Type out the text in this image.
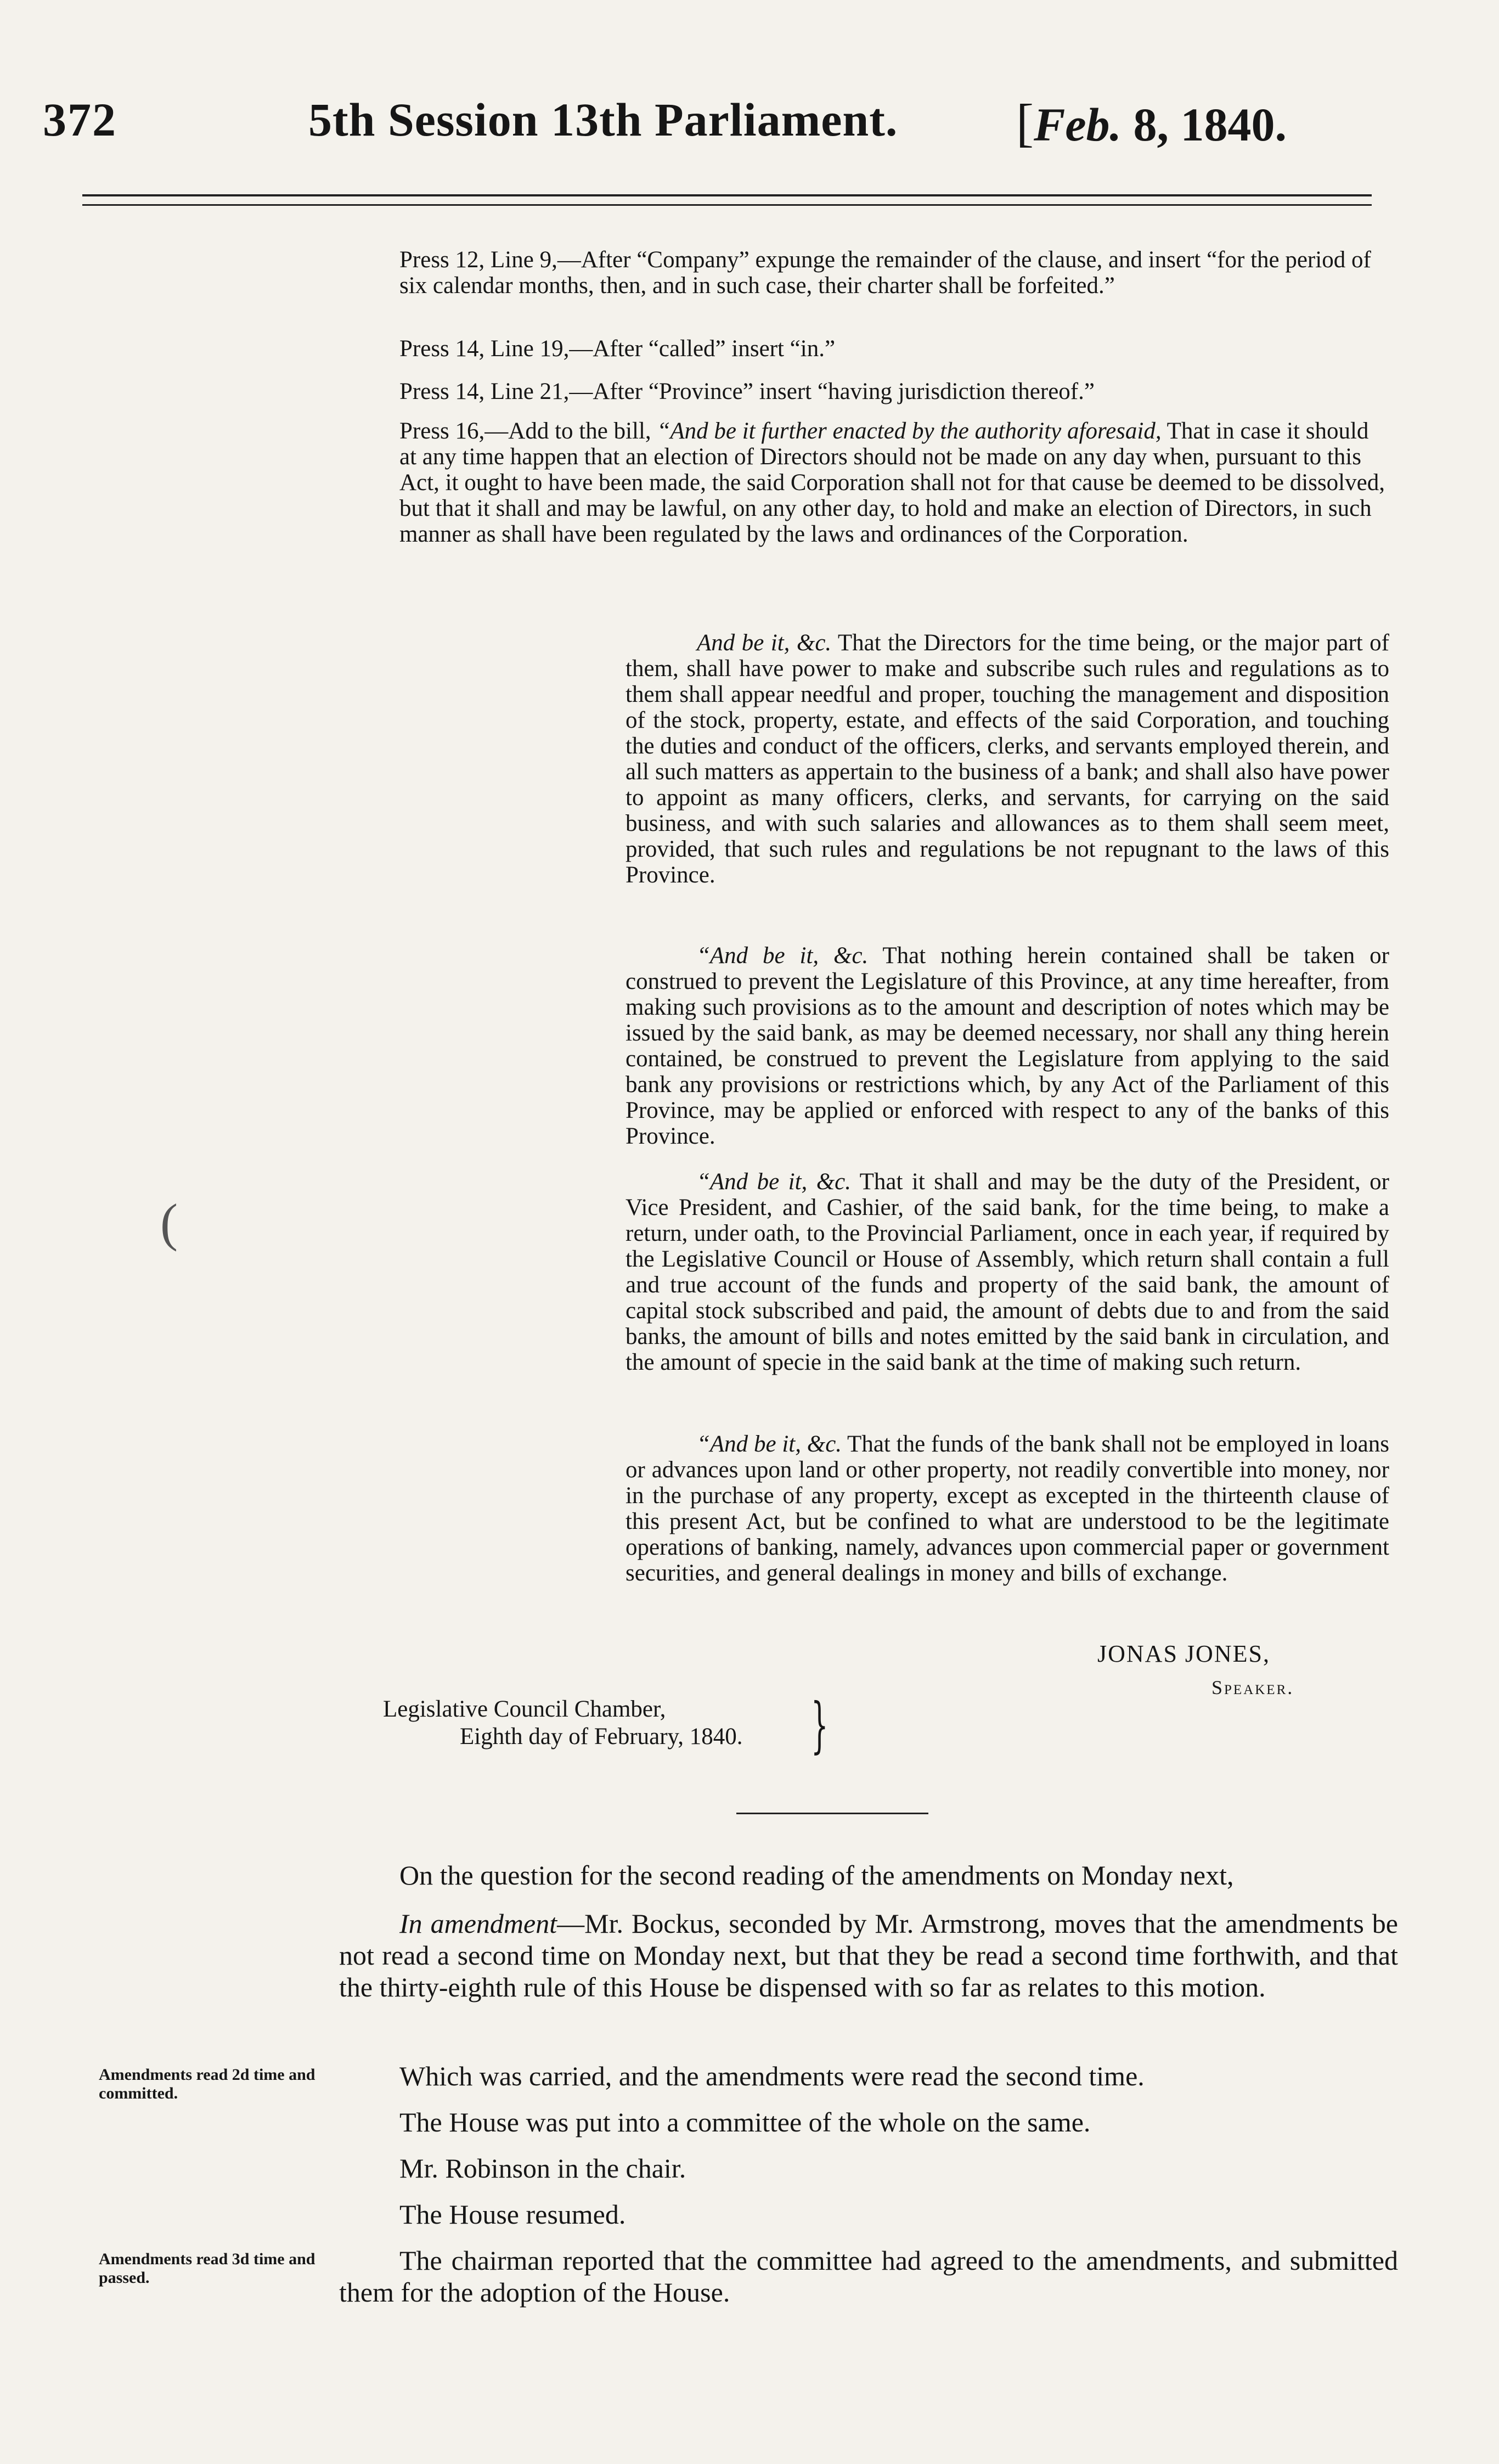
372	5th Session 13th Parliament. [Feb. 8, 1840.
Press 12, Line 9,—After “Company” expunge the remainder of the clause, and insert “for the period of six calendar months, then, and in such case, their charter shall be forfeited.”
Press 14, Line 19,—After “called” insert “in.”
Press 14, Line 21,—After “Province” insert “having jurisdiction thereof.”
Press 16,—Add to the bill, “And be it further enacted by the authority aforesaid, That in case it should at any time happen that an election of Directors should not be made on any day when, pursuant to this Act, it ought to have been made, the said Corporation shall not for that cause be deemed to be dissolved, but that it shall and may be lawful, on any other day, to hold and make an election of Directors, in such manner as shall have been regulated by the laws and ordinances of the Corporation.
And be it, &c. That the Directors for the time being, or the major part of them, shall have power to make and subscribe such rules and regulations as to them shall appear needful and proper, touching the management and disposition of the stock, property, estate, and effects of the said Corporation, and touching the duties and conduct of the officers, clerks, and servants employed therein, and all such matters as appertain to the business of a bank; and shall also have power to appoint as many officers, clerks, and servants, for carrying on the said business, and with such salaries and allowances as to them shall seem meet, provided, that such rules and regulations be not repugnant to the laws of this Province.
“And be it, &c. That nothing herein contained shall be taken or construed to prevent the Legislature of this Province, at any time hereafter, from making such provisions as to the amount and description of notes which may be issued by the said bank, as may be deemed necessary, nor shall any thing herein contained, be construed to prevent the Legislature from applying to the said bank any provisions or restrictions which, by any Act of the Parliament of this Province, may be applied or enforced with respect to any of the banks of this Province.
“And be it, &c. That it shall and may be the duty of the President, or Vice President, and Cashier, of the said bank, for the time being, to make a return, under oath, to the Provincial Parliament, once in each year, if required by the Legislative Council or House of Assembly, which return shall contain a full and true account of the funds and property of the said bank, the amount of capital stock subscribed and paid, the amount of debts due to and from the said banks, the amount of bills and notes emitted by the said bank in circulation, and the amount of specie in the said bank at the time of making such return.
“And be it, &c. That the funds of the bank shall not be employed in loans or advances upon land or other property, not readily convertible into money, nor in the purchase of any property, except as excepted in the thirteenth clause of this present Act, but be confined to what are understood to be the legitimate operations of banking, namely, advances upon commercial paper or government securities, and general dealings in money and bills of exchange.
(
JONAS JONES,
Speaker.
Legislative Council Chamber,
Eighth day of February, 1840. }
On the question for the second reading of the amendments on Monday next,
In amendment—Mr. Bockus, seconded by Mr. Armstrong, moves that the amendments be not read a second time on Monday next, but that they be read a second time forthwith, and that the thirty-eighth rule of this House be dispensed with so far as relates to this motion.
Which was carried, and the amendments were read the second time.
The House was put into a committee of the whole on the same.
Mr. Robinson in the chair.
The House resumed.
The chairman reported that the committee had agreed to the amendments, and submitted them for the adoption of the House.
Amendments read 2d time and committed.
Amendments read 3d time and passed.
